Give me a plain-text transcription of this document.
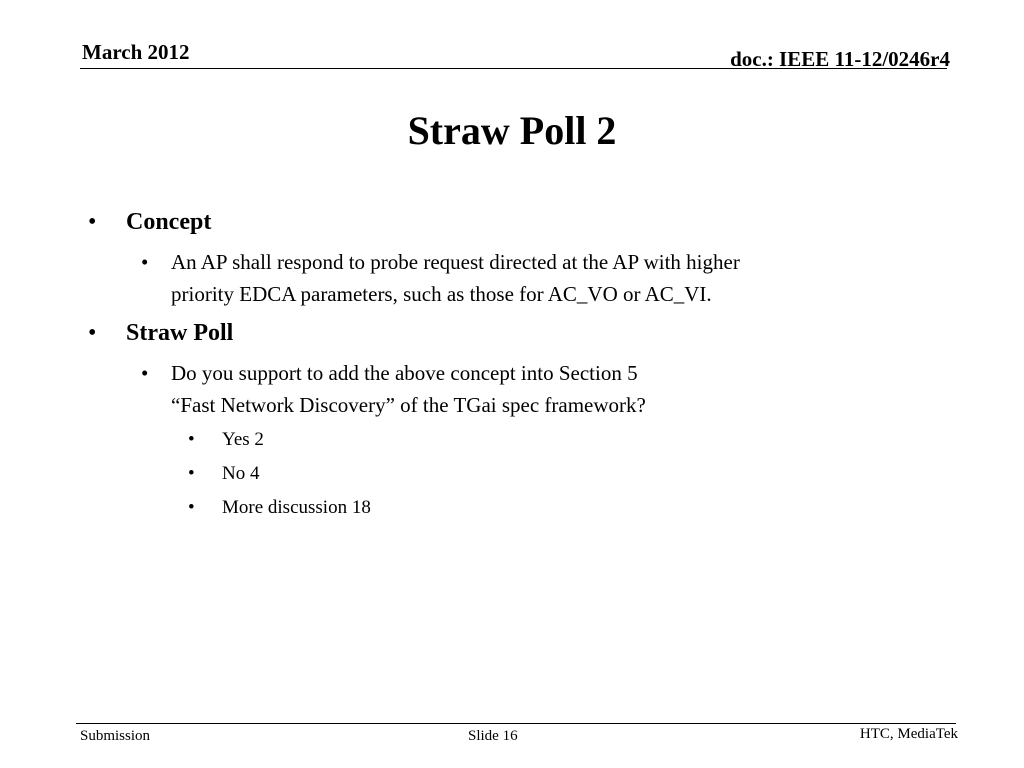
March 2012	doc.: IEEE 11-12/0246r4
Straw Poll 2
• Concept
• An AP shall respond to probe request directed at the AP with higher
priority EDCA parameters, such as those for AC_VO or AC_VI.
• Straw Poll
• Do you support to add the above concept into Section 5
“Fast Network Discovery” of the TGai spec framework?
• Yes 2
• No 4
• More discussion 18
Submission	Slide 16	HTC, MediaTek
